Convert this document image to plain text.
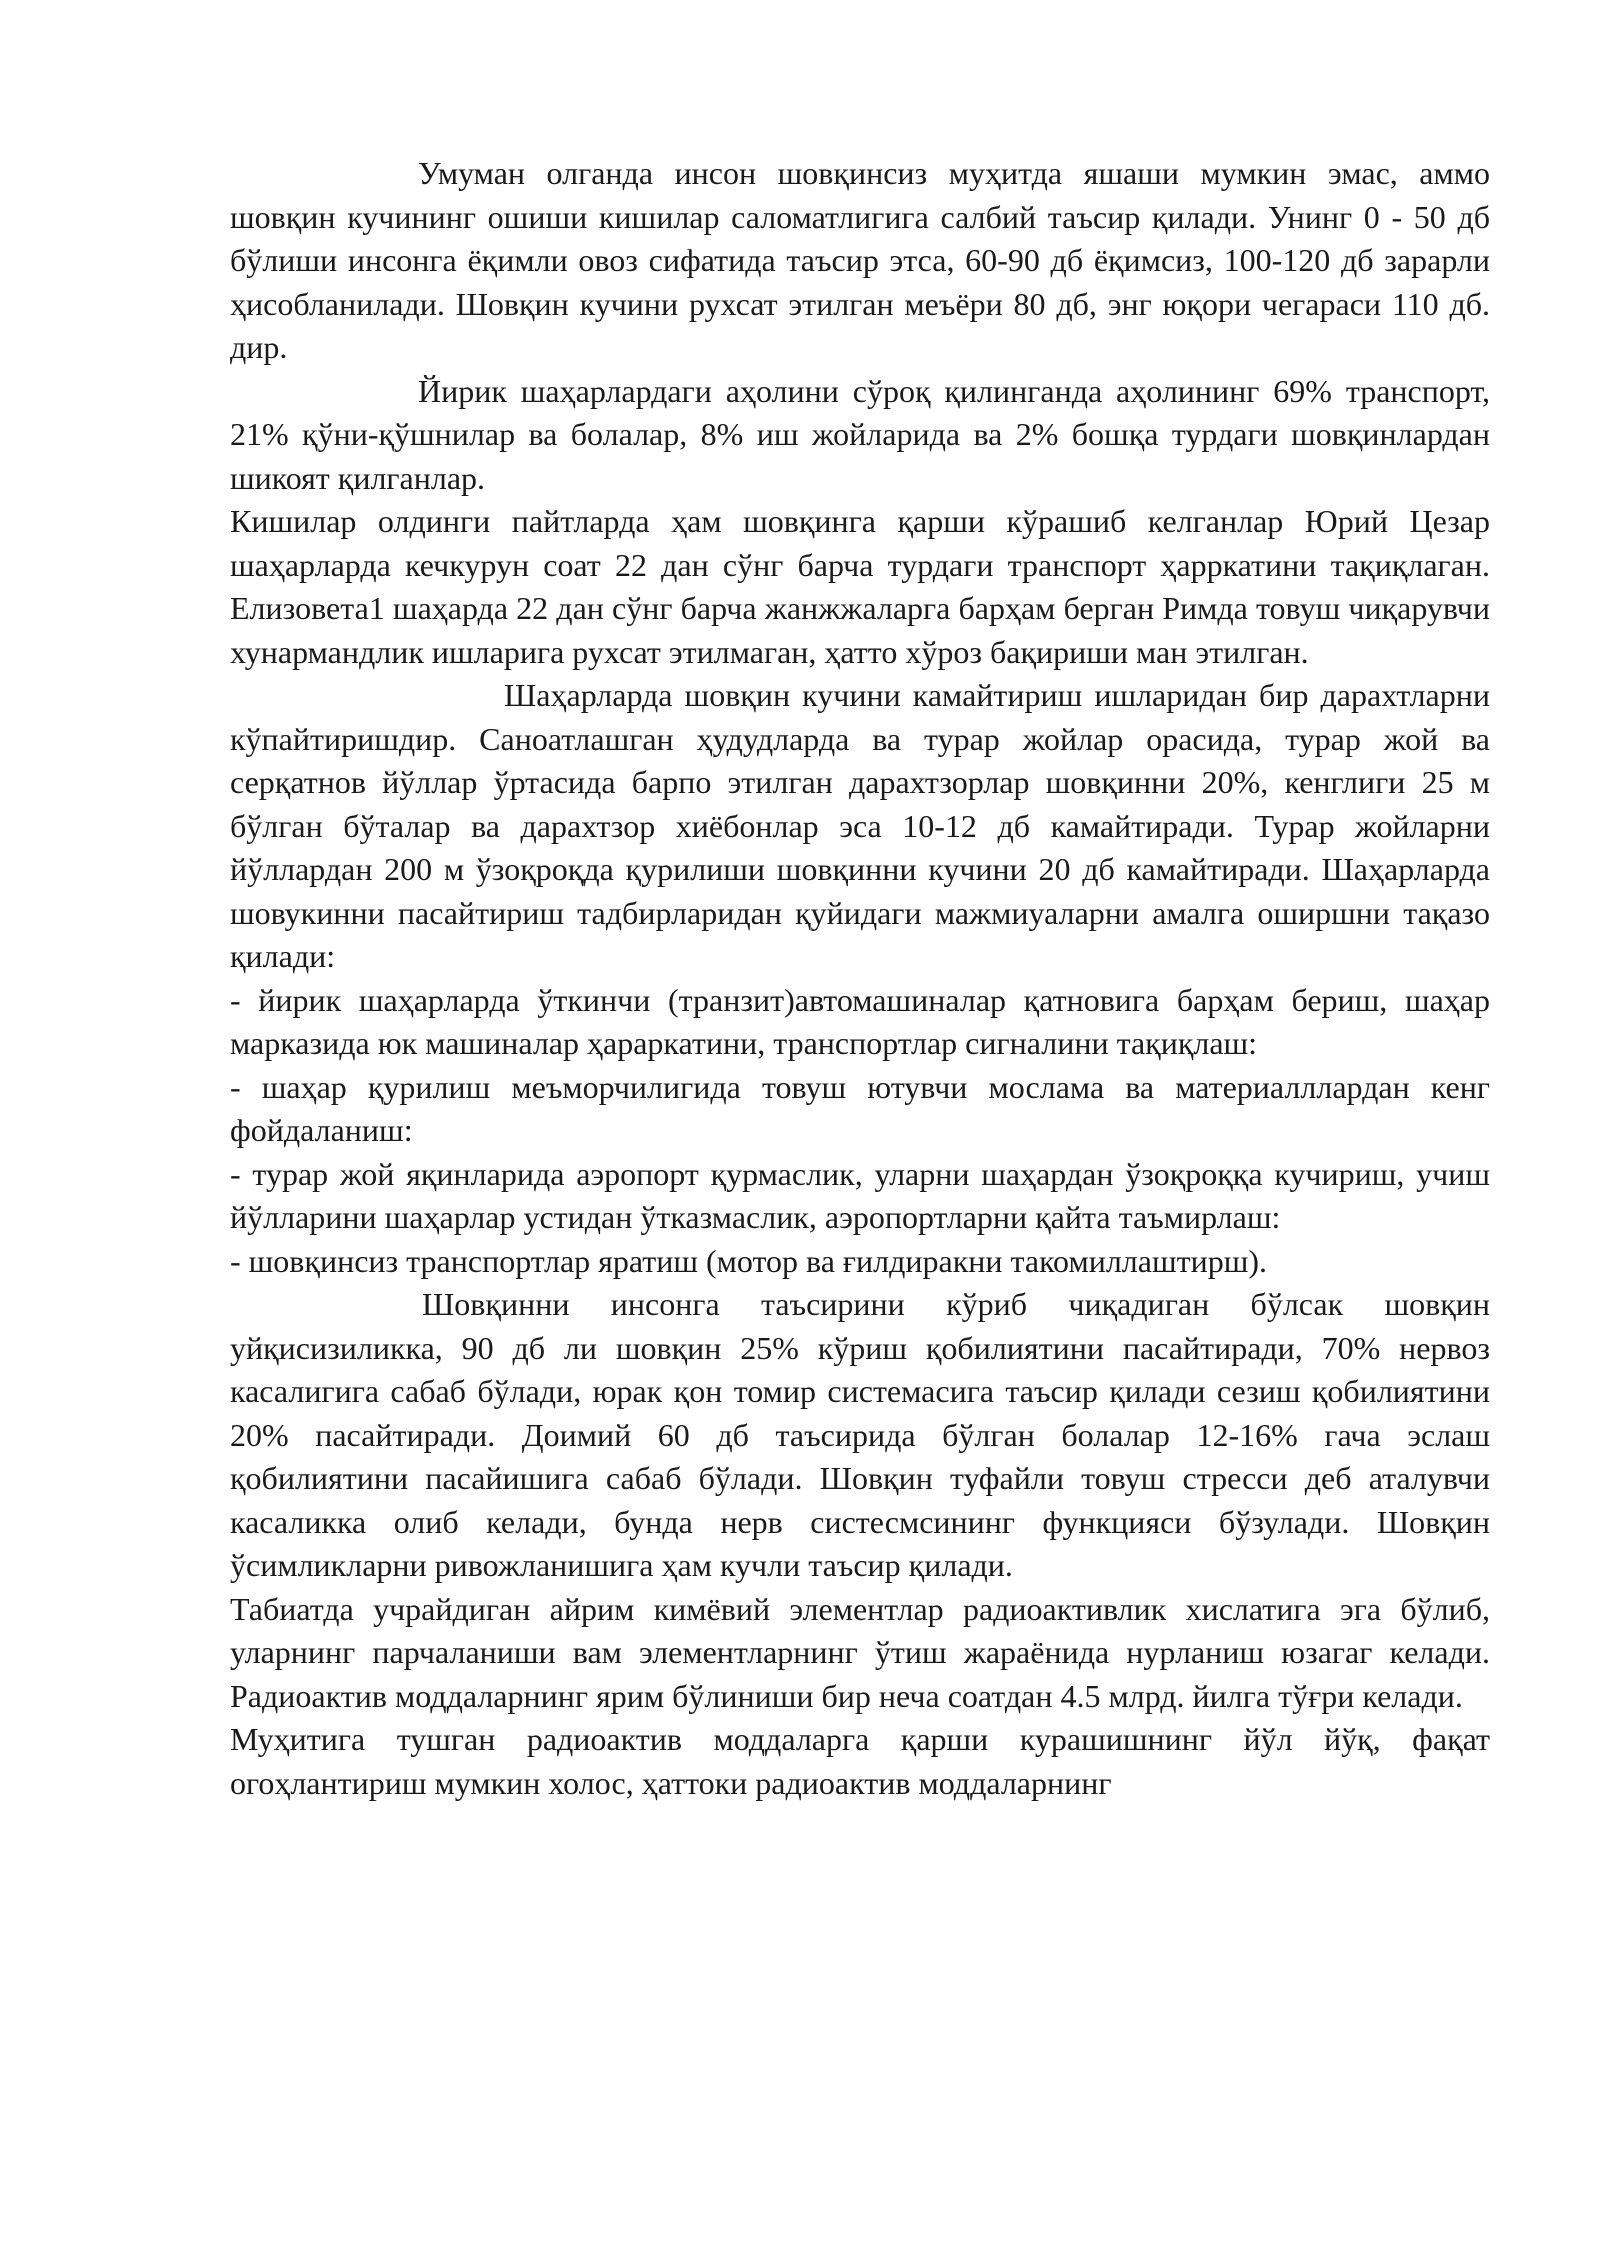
Умуман олганда инсон шовқинсиз муҳитда яшаши мумкин эмас, аммо шовқин кучининг ошиши кишилар саломатлигига салбий таъсир қилади. Унинг 0 - 50 дб бўлиши инсонга ёқимли овоз сифатида таъсир этса, 60-90 дб ёқимсиз, 100-120 дб зарарли ҳисобланилади. Шовқин кучини рухсат этилган меъёри 80 дб, энг юқори чегараси 110 дб. дир.

Йирик шаҳарлардаги аҳолини сўроқ қилинганда аҳолининг 69% транспорт, 21% қўни-қўшнилар ва болалар, 8% иш жойларида ва 2% бошқа турдаги шовқинлардан шикоят қилганлар.

Кишилар олдинги пайтларда ҳам шовқинга қарши кўрашиб келганлар Юрий Цезар шаҳарларда кечкурун соат 22 дан сўнг барча турдаги транспорт ҳарркатини тақиқлаган. Елизовета1 шаҳарда 22 дан сўнг барча жанжжаларга барҳам берган Римда товуш чиқарувчи хунармандлик ишларига рухсат этилмаган, ҳатто хўроз бақириши ман этилган.

Шаҳарларда шовқин кучини камайтириш ишларидан бир дарахтларни кўпайтиришдир. Саноатлашган ҳудудларда ва турар жойлар орасида, турар жой ва серқатнов йўллар ўртасида барпо этилган дарахтзорлар шовқинни 20%, кенглиги 25 м бўлган бўталар ва дарахтзор хиёбонлар эса 10-12 дб камайтиради. Турар жойларни йўллардан 200 м ўзоқроқда қурилиши шовқинни кучини 20 дб камайтиради. Шаҳарларда шовукинни пасайтириш тадбирларидан қуйидаги мажмиуаларни амалга оширшни тақазо қилади:

- йирик шаҳарларда ўткинчи (транзит)автомашиналар қатновига барҳам бериш, шаҳар марказида юк машиналар ҳараркатини, транспортлар сигналини тақиқлаш:

- шаҳар қурилиш меъморчилигида товуш ютувчи мослама ва материалллардан кенг фойдаланиш:

- турар жой яқинларида аэропорт қурмаслик, уларни шаҳардан ўзоқроққа кучириш, учиш йўлларини шаҳарлар устидан ўтказмаслик, аэропортларни қайта таъмирлаш:

- шовқинсиз транспортлар яратиш (мотор ва ғилдиракни такомиллаштирш).

Шовқинни инсонга таъсирини кўриб чиқадиган бўлсак шовқин уйқисизиликка, 90 дб ли шовқин 25% кўриш қобилиятини пасайтиради, 70% нервоз касалигига сабаб бўлади, юрак қон томир системасига таъсир қилади сезиш қобилиятини 20% пасайтиради. Доимий 60 дб таъсирида бўлган болалар 12-16% гача эслаш қобилиятини пасайишига сабаб бўлади. Шовқин туфайли товуш стресси деб аталувчи касаликка олиб келади, бунда нерв систесмсининг функцияси бўзулади. Шовқин ўсимликларни ривожланишига ҳам кучли таъсир қилади.

Табиатда учрайдиган айрим кимёвий элементлар радиоактивлик хислатига эга бўлиб, уларнинг парчаланиши вам элементларнинг ўтиш жараёнида нурланиш юзагаг келади. Радиоактив моддаларнинг ярим бўлиниши бир неча соатдан 4.5 млрд. йилга тўғри келади.

Муҳитига тушган радиоактив моддаларга қарши курашишнинг йўл йўқ, фақат огоҳлантириш мумкин холос, ҳаттоки радиоактив моддаларнинг
